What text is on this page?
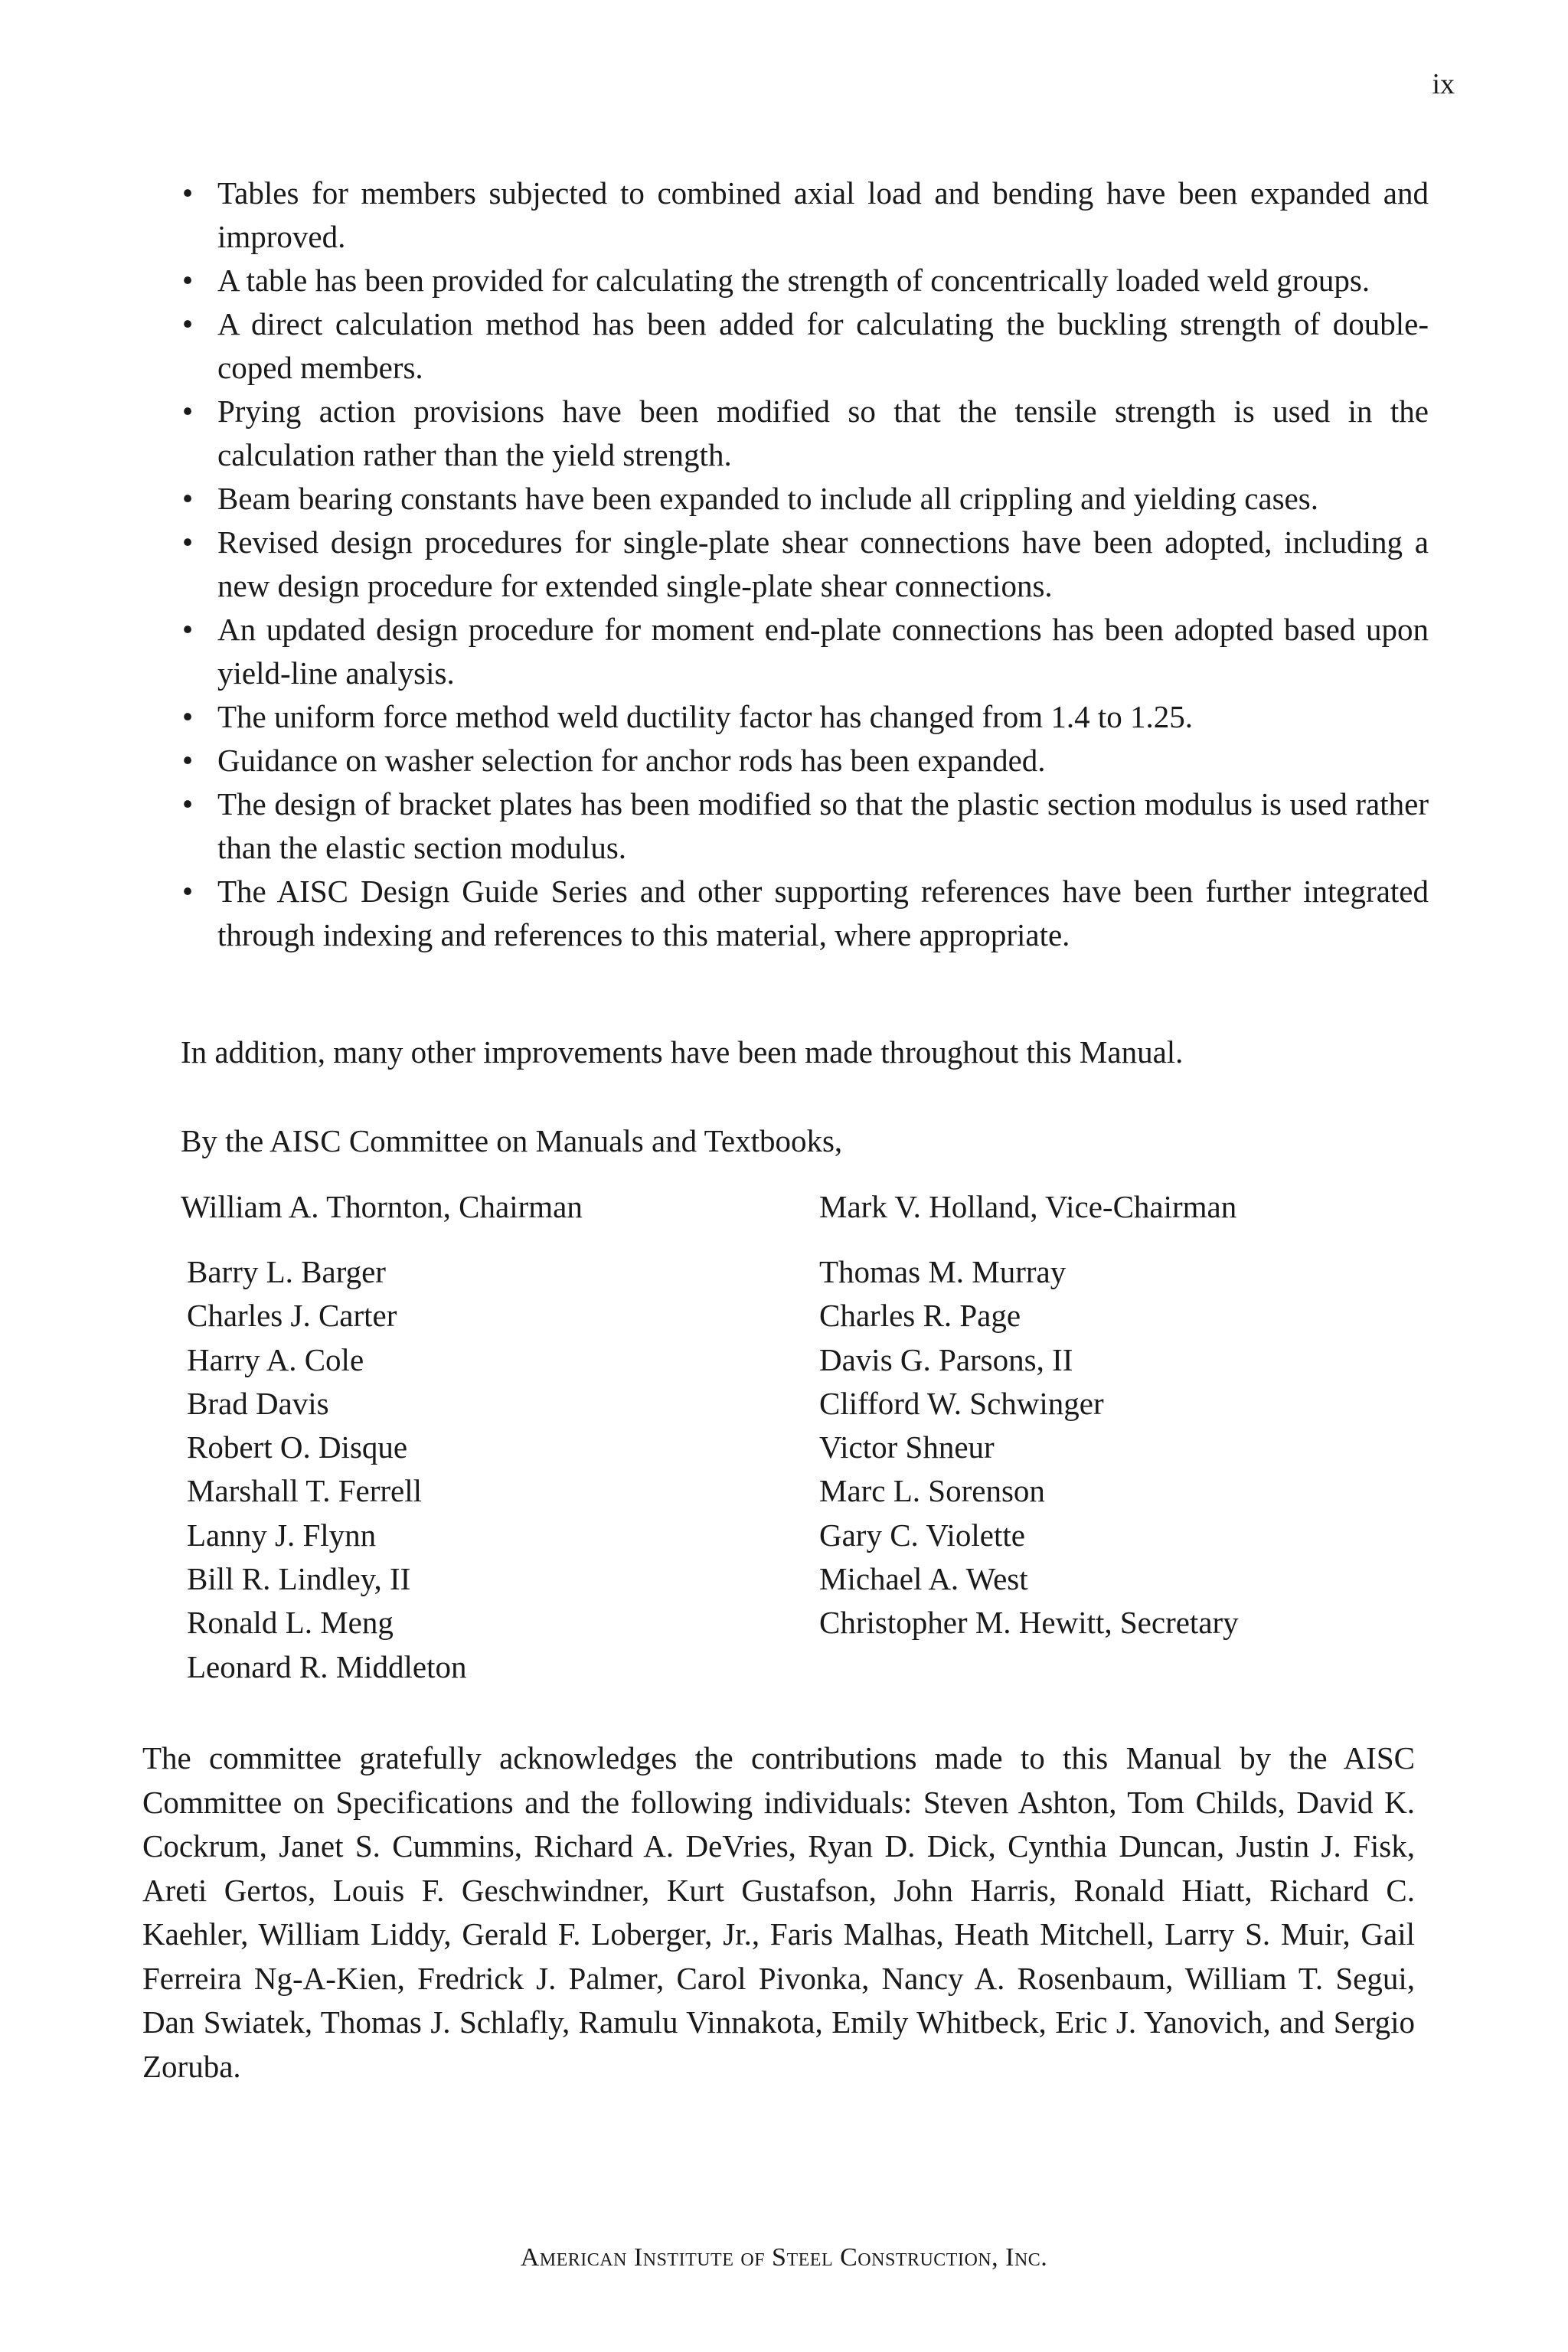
ix
• Tables for members subjected to combined axial load and bending have been expanded and improved.
• A table has been provided for calculating the strength of concentrically loaded weld groups.
• A direct calculation method has been added for calculating the buckling strength of double-coped members.
• Prying action provisions have been modified so that the tensile strength is used in the calculation rather than the yield strength.
• Beam bearing constants have been expanded to include all crippling and yielding cases.
• Revised design procedures for single-plate shear connections have been adopted, including a new design procedure for extended single-plate shear connections.
• An updated design procedure for moment end-plate connections has been adopted based upon yield-line analysis.
• The uniform force method weld ductility factor has changed from 1.4 to 1.25.
• Guidance on washer selection for anchor rods has been expanded.
• The design of bracket plates has been modified so that the plastic section modulus is used rather than the elastic section modulus.
• The AISC Design Guide Series and other supporting references have been further integrated through indexing and references to this material, where appropriate.

In addition, many other improvements have been made throughout this Manual.

By the AISC Committee on Manuals and Textbooks,

William A. Thornton, Chairman	Mark V. Holland, Vice-Chairman
Barry L. Barger
Charles J. Carter
Harry A. Cole
Brad Davis
Robert O. Disque
Marshall T. Ferrell
Lanny J. Flynn
Bill R. Lindley, II
Ronald L. Meng
Leonard R. Middleton
Thomas M. Murray
Charles R. Page
Davis G. Parsons, II
Clifford W. Schwinger
Victor Shneur
Marc L. Sorenson
Gary C. Violette
Michael A. West
Christopher M. Hewitt, Secretary

The committee gratefully acknowledges the contributions made to this Manual by the AISC Committee on Specifications and the following individuals: Steven Ashton, Tom Childs, David K. Cockrum, Janet S. Cummins, Richard A. DeVries, Ryan D. Dick, Cynthia Duncan, Justin J. Fisk, Areti Gertos, Louis F. Geschwindner, Kurt Gustafson, John Harris, Ronald Hiatt, Richard C. Kaehler, William Liddy, Gerald F. Loberger, Jr., Faris Malhas, Heath Mitchell, Larry S. Muir, Gail Ferreira Ng-A-Kien, Fredrick J. Palmer, Carol Pivonka, Nancy A. Rosenbaum, William T. Segui, Dan Swiatek, Thomas J. Schlafly, Ramulu Vinnakota, Emily Whitbeck, Eric J. Yanovich, and Sergio Zoruba.

American Institute of Steel Construction, Inc.
